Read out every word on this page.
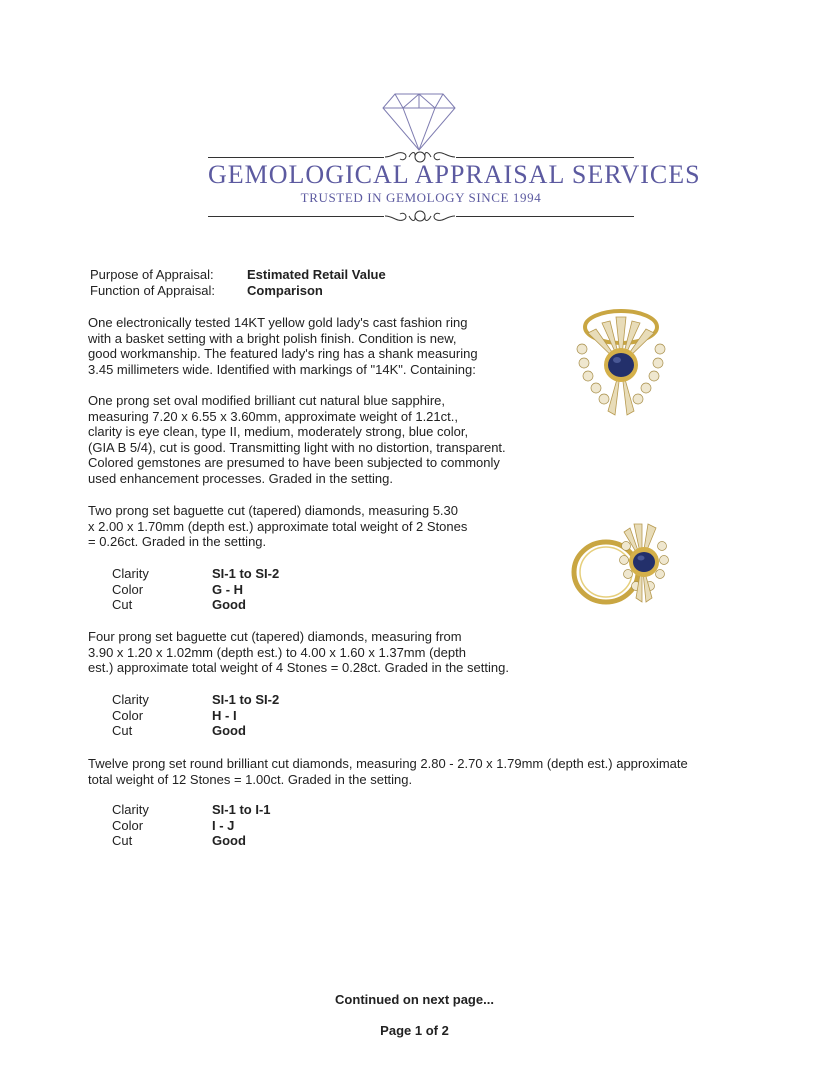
GEMOLOGICAL APPRAISAL SERVICES
TRUSTED IN GEMOLOGY SINCE 1994
Purpose of Appraisal:	Estimated Retail Value
Function of Appraisal: Comparison

One electronically tested 14KT yellow gold lady's cast fashion ring
with a basket setting with a bright polish finish. Condition is new,
good workmanship. The featured lady's ring has a shank measuring
3.45 millimeters wide. Identified with markings of "14K". Containing:

One prong set oval modified brilliant cut natural blue sapphire,
measuring 7.20 x 6.55 x 3.60mm, approximate weight of 1.21ct.,
clarity is eye clean, type II, medium, moderately strong, blue color,
(GIA B 5/4), cut is good. Transmitting light with no distortion, transparent.
Colored gemstones are presumed to have been subjected to commonly
used enhancement processes. Graded in the setting.

Two prong set baguette cut (tapered) diamonds, measuring 5.30
x 2.00 x 1.70mm (depth est.) approximate total weight of 2 Stones
= 0.26ct. Graded in the setting.

Clarity	SI-1 to SI-2
Color	G - H
Cut	Good

Four prong set baguette cut (tapered) diamonds, measuring from
3.90 x 1.20 x 1.02mm (depth est.) to 4.00 x 1.60 x 1.37mm (depth
est.) approximate total weight of 4 Stones = 0.28ct. Graded in the setting.

Clarity	SI-1 to SI-2
Color	H - I
Cut	Good

Twelve prong set round brilliant cut diamonds, measuring 2.80 - 2.70 x 1.79mm (depth est.) approximate
total weight of 12 Stones = 1.00ct. Graded in the setting.

Clarity	SI-1 to I-1
Color	I - J
Cut	Good
Continued on next page...
Page 1 of 2
